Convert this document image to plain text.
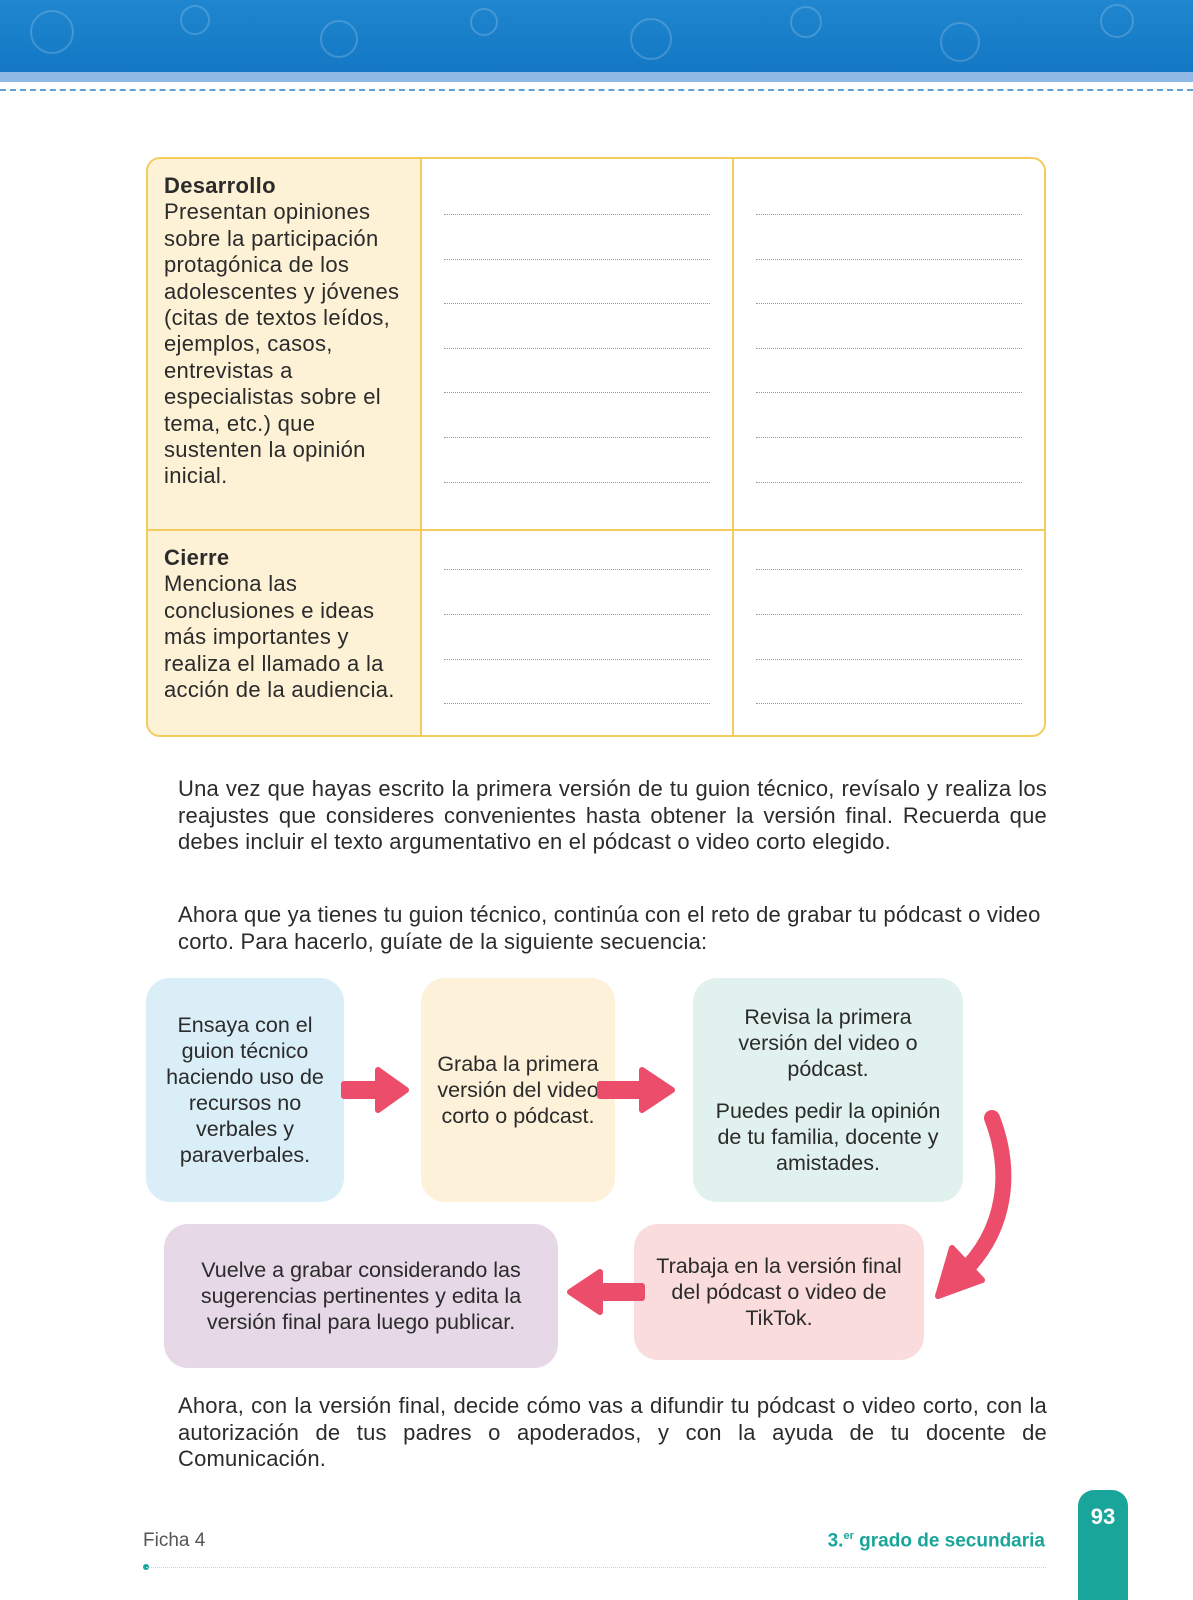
Desarrollo
Presentan opiniones sobre la participación protagónica de los adolescentes y jóvenes (citas de textos leídos, ejemplos, casos, entrevistas a especialistas sobre el tema, etc.) que sustenten la opinión inicial.
Cierre
Menciona las conclusiones e ideas más importantes y realiza el llamado a la acción de la audiencia.
Una vez que hayas escrito la primera versión de tu guion técnico, revísalo y realiza los reajustes que consideres convenientes hasta obtener la versión final. Recuerda que debes incluir el texto argumentativo en el pódcast o video corto elegido.
Ahora que ya tienes tu guion técnico, continúa con el reto de grabar tu pódcast o video corto. Para hacerlo, guíate de la siguiente secuencia:
Ensaya con el guion técnico haciendo uso de recursos no verbales y paraverbales.
Graba la primera versión del video corto o pódcast.

Revisa la primera versión del video o pódcast.

Puedes pedir la opinión de tu familia, docente y amistades.

Trabaja en la versión final del pódcast o video de TikTok.
Vuelve a grabar considerando las sugerencias pertinentes y edita la versión final para luego publicar.
Ahora, con la versión final, decide cómo vas a difundir tu pódcast o video corto, con la autorización de tus padres o apoderados, y con la ayuda de tu docente de Comunicación.
Ficha 4	3.$^{er}$ grado de secundaria
93
